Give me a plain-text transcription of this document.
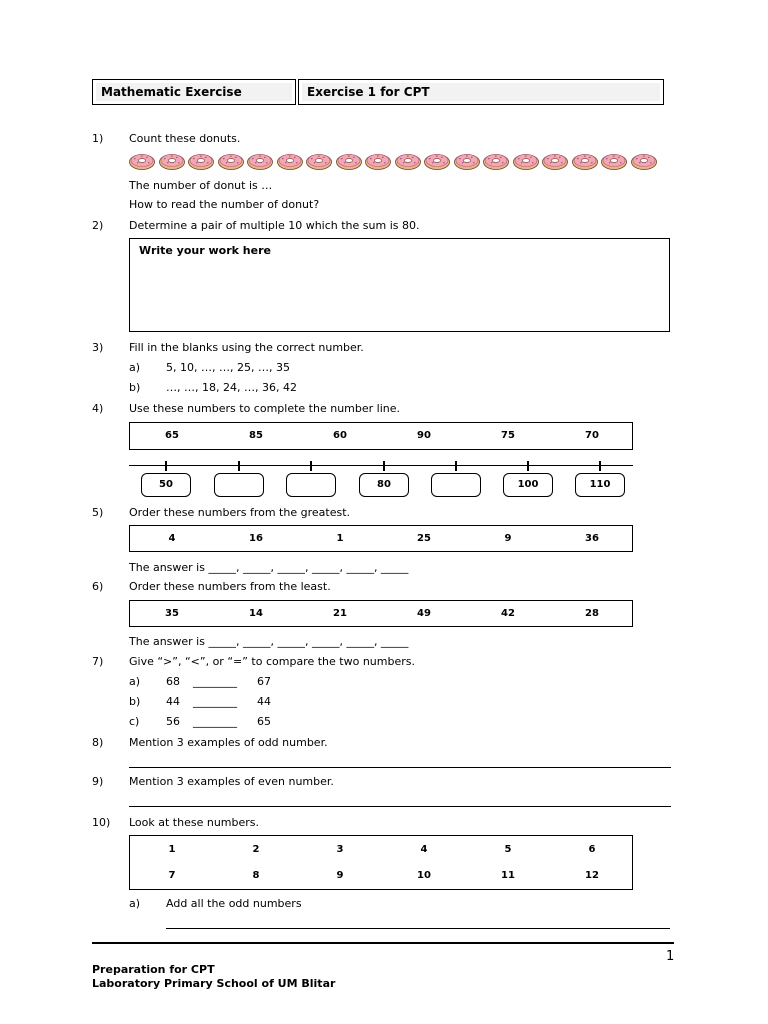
Mathematic Exercise	Exercise 1 for CPT
1) Count these donuts.
The number of donut is …
How to read the number of donut?
2) Determine a pair of multiple 10 which the sum is 80.
Write your work here
3) Fill in the blanks using the correct number.
a) 5, 10, …, …, 25, …, 35
b) …, …, 18, 24, …, 36, 42
4) Use these numbers to complete the number line.
65	85	60	90	75	70
50	80	100	110
5) Order these numbers from the greatest.
4	16	1	25	9	36
The answer is _____, _____, _____, _____, _____, _____
6) Order these numbers from the least.
35	14	21	49	42	28
The answer is _____, _____, _____, _____, _____, _____
7) Give “>”, “<”, or “=” to compare the two numbers.
a) 68 ________ 67
b) 44 ________ 44
c) 56 ________ 65
8) Mention 3 examples of odd number.
9) Mention 3 examples of even number.
10) Look at these numbers.
1	2	3	4	5	6
7	8	9	10	11	12
a) Add all the odd numbers
1
Preparation for CPT
Laboratory Primary School of UM Blitar
